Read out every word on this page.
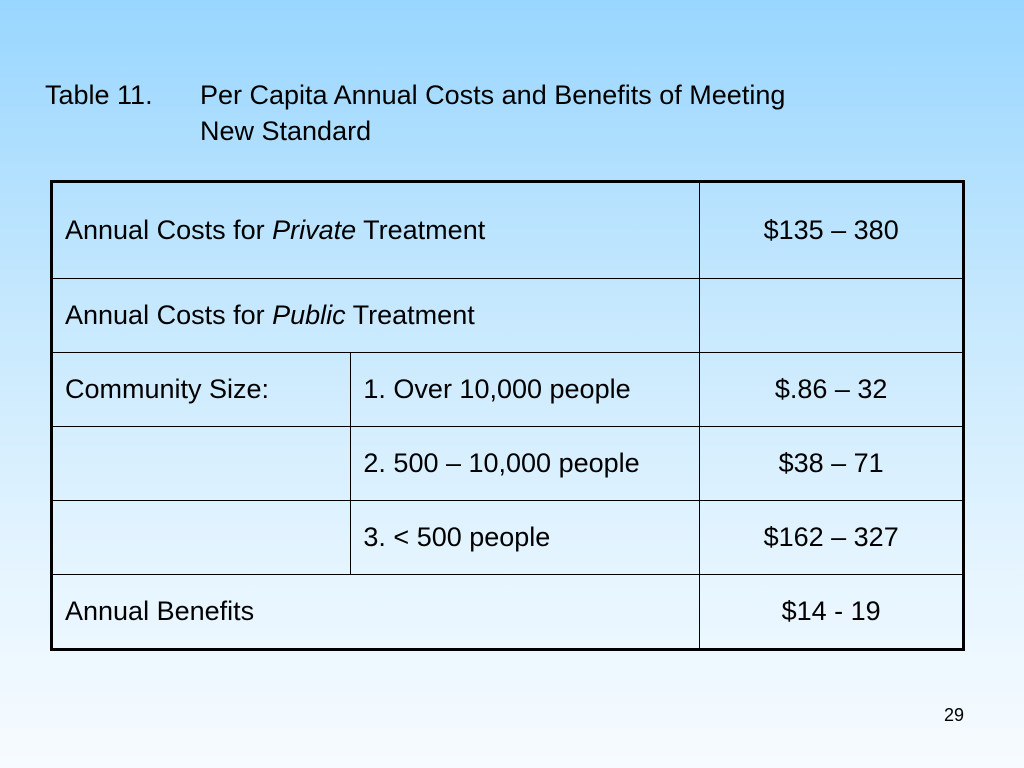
Table 11. Per Capita Annual Costs and Benefits of Meeting
New Standard
Annual Costs for Private Treatment		$135 – 380
Annual Costs for Public Treatment		
Community Size:	1. Over 10,000 people	$.86 – 32
	2. 500 – 10,000 people	$38 – 71
	3. < 500 people	$162 – 327
Annual Benefits		$14 - 19
29
